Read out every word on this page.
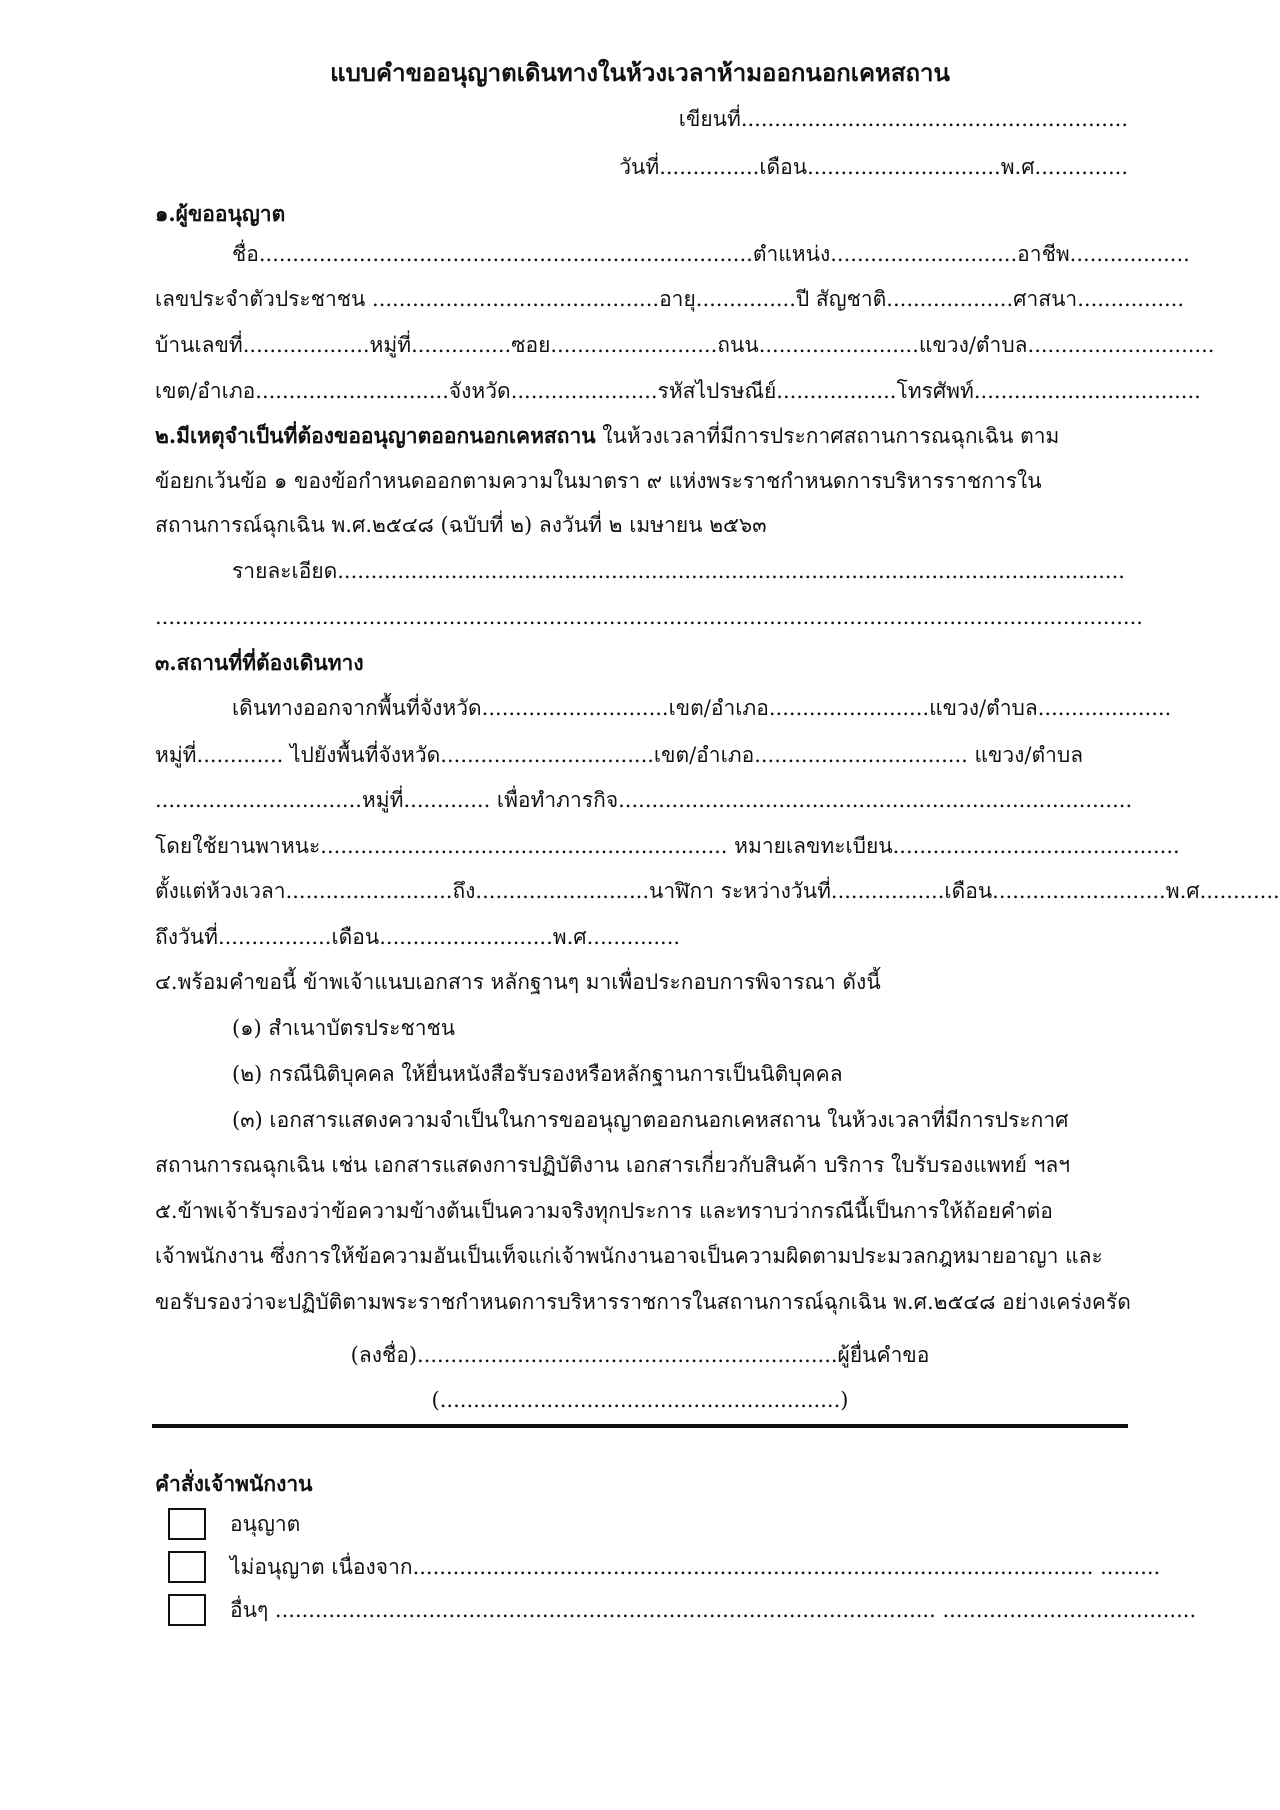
แบบคำขออนุญาตเดินทางในห้วงเวลาห้ามออกนอกเคหสถาน
เขียนที่..........................................................
วันที่...............เดือน.............................พ.ศ..............
๑.ผู้ขออนุญาต
ชื่อ..........................................................................ตำแหน่ง............................อาชีพ..................
เลขประจำตัวประชาชน ...........................................อายุ...............ปี สัญชาติ...................ศาสนา................
บ้านเลขที่...................หมู่ที่...............ซอย.........................ถนน........................แขวง/ตำบล............................
เขต/อำเภอ.............................จังหวัด......................รหัสไปรษณีย์..................โทรศัพท์..................................
๒.มีเหตุจำเป็นที่ต้องขออนุญาตออกนอกเคหสถาน ในห้วงเวลาที่มีการประกาศสถานการณฉุกเฉิน ตาม
ข้อยกเว้นข้อ ๑ ของข้อกำหนดออกตามความในมาตรา ๙ แห่งพระราชกำหนดการบริหารราชการใน
สถานการณ์ฉุกเฉิน พ.ศ.๒๕๔๘ (ฉบับที่ ๒) ลงวันที่ ๒ เมษายน ๒๕๖๓
รายละเอียด......................................................................................................................
....................................................................................................................................................
๓.สถานที่ที่ต้องเดินทาง
เดินทางออกจากพื้นที่จังหวัด............................เขต/อำเภอ........................แขวง/ตำบล....................
หมู่ที่............. ไปยังพื้นที่จังหวัด................................เขต/อำเภอ................................ แขวง/ตำบล
...............................หมู่ที่............. เพื่อทำภารกิจ.............................................................................
โดยใช้ยานพาหนะ............................................................. หมายเลขทะเบียน...........................................
ตั้งแต่ห้วงเวลา.........................ถึง..........................นาฬิกา ระหว่างวันที่.................เดือน..........................พ.ศ............
ถึงวันที่.................เดือน..........................พ.ศ..............
๔.พร้อมคำขอนี้ ข้าพเจ้าแนบเอกสาร หลักฐานๆ มาเพื่อประกอบการพิจารณา ดังนี้
(๑) สำเนาบัตรประชาชน
(๒) กรณีนิติบุคคล ให้ยื่นหนังสือรับรองหรือหลักฐานการเป็นนิติบุคคล
(๓) เอกสารแสดงความจำเป็นในการขออนุญาตออกนอกเคหสถาน ในห้วงเวลาที่มีการประกาศ
สถานการณฉุกเฉิน เช่น เอกสารแสดงการปฏิบัติงาน เอกสารเกี่ยวกับสินค้า บริการ ใบรับรองแพทย์ ฯลฯ
๕.ข้าพเจ้ารับรองว่าข้อความข้างต้นเป็นความจริงทุกประการ และทราบว่ากรณีนี้เป็นการให้ถ้อยคำต่อ
เจ้าพนักงาน ซึ่งการให้ข้อความอันเป็นเท็จแก่เจ้าพนักงานอาจเป็นความผิดตามประมวลกฎหมายอาญา และ
ขอรับรองว่าจะปฏิบัติตามพระราชกำหนดการบริหารราชการในสถานการณ์ฉุกเฉิน พ.ศ.๒๕๔๘ อย่างเคร่งครัด
(ลงชื่อ)...............................................................ผู้ยื่นคำขอ
(............................................................)
คำสั่งเจ้าพนักงาน
อนุญาต
ไม่อนุญาต เนื่องจาก...................................................................................................... .........
อื่นๆ ................................................................................................... ......................................
